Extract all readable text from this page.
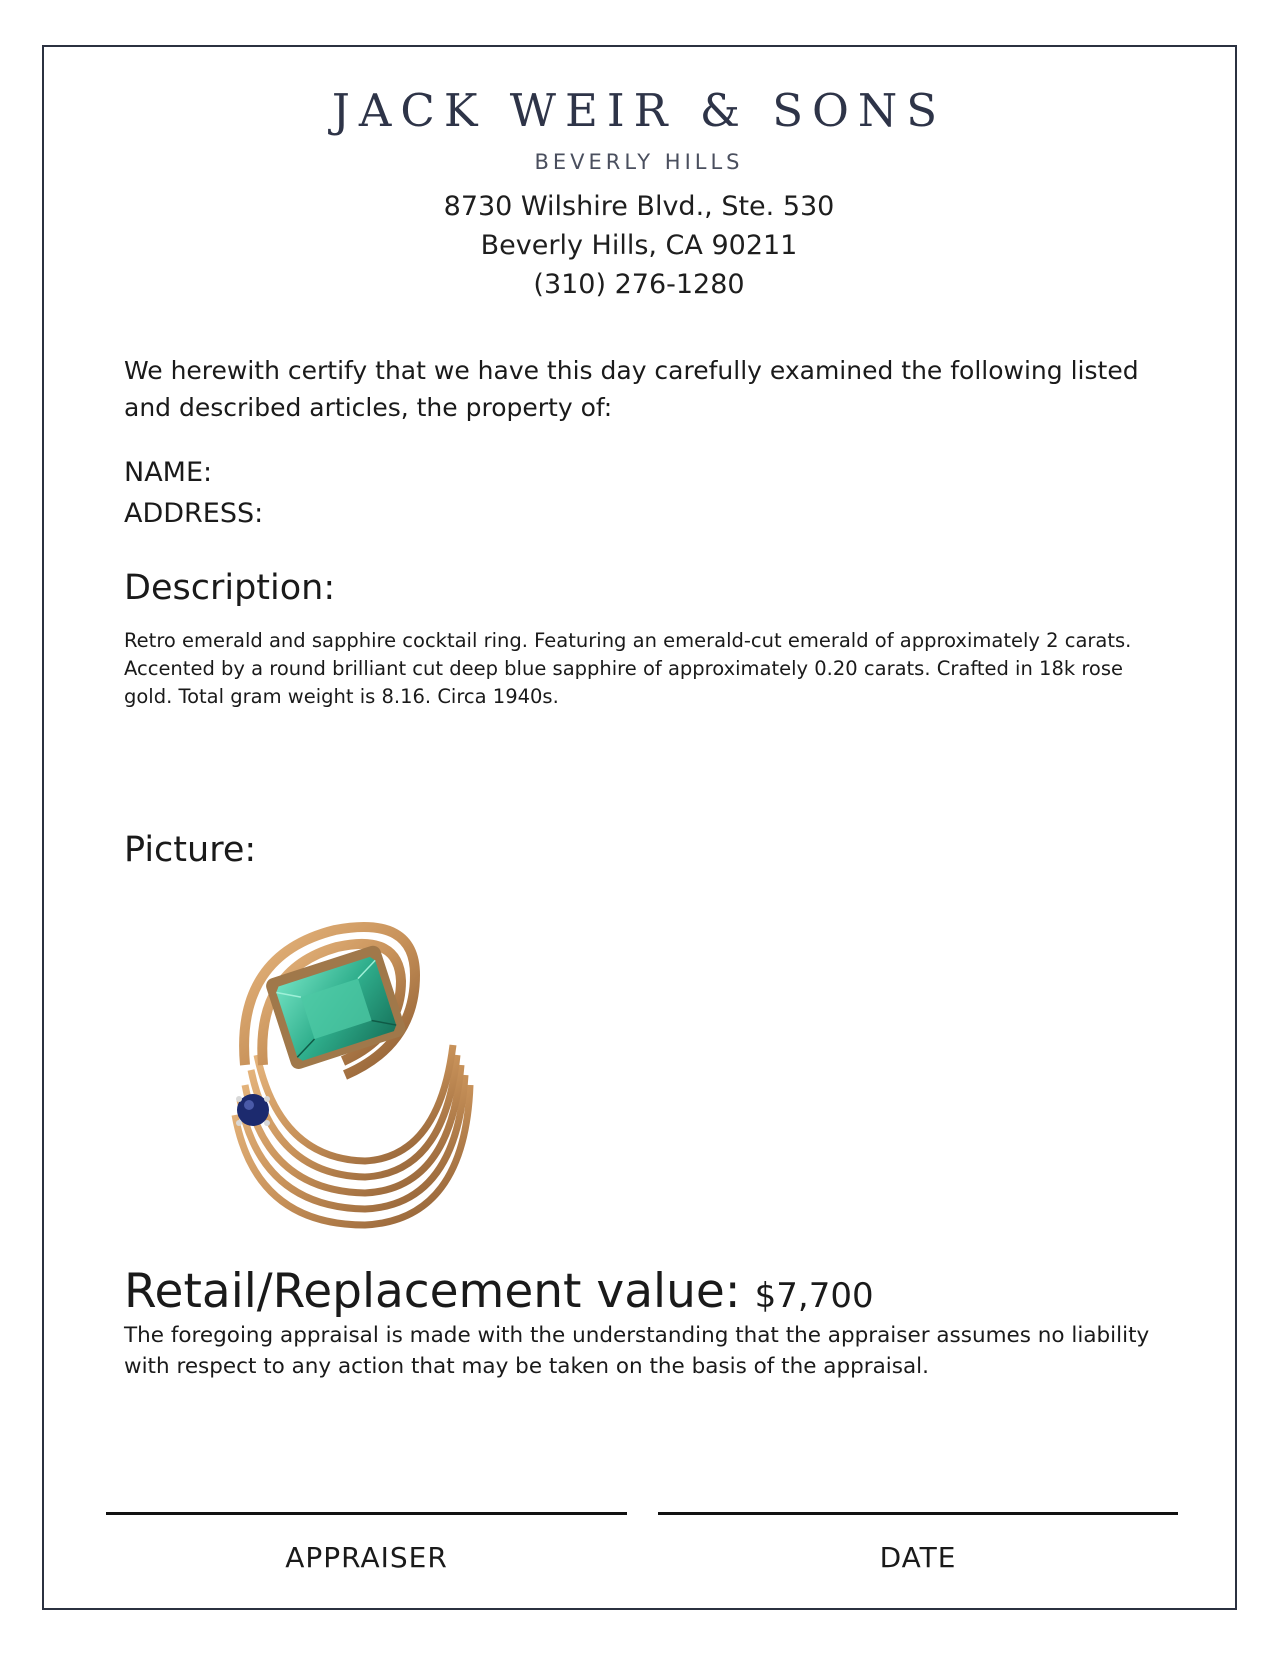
JACK WEIR & SONS
BEVERLY HILLS
8730 Wilshire Blvd., Ste. 530
Beverly Hills, CA 90211
(310) 276-1280
We herewith certify that we have this day carefully examined the following listed and described articles, the property of:
NAME:
ADDRESS:
Description:
Retro emerald and sapphire cocktail ring. Featuring an emerald-cut emerald of approximately 2 carats. Accented by a round brilliant cut deep blue sapphire of approximately 0.20 carats. Crafted in 18k rose gold. Total gram weight is 8.16. Circa 1940s.
Picture:
Retail/Replacement value: $7,700
The foregoing appraisal is made with the understanding that the appraiser assumes no liability with respect to any action that may be taken on the basis of the appraisal.
APPRAISER	DATE
